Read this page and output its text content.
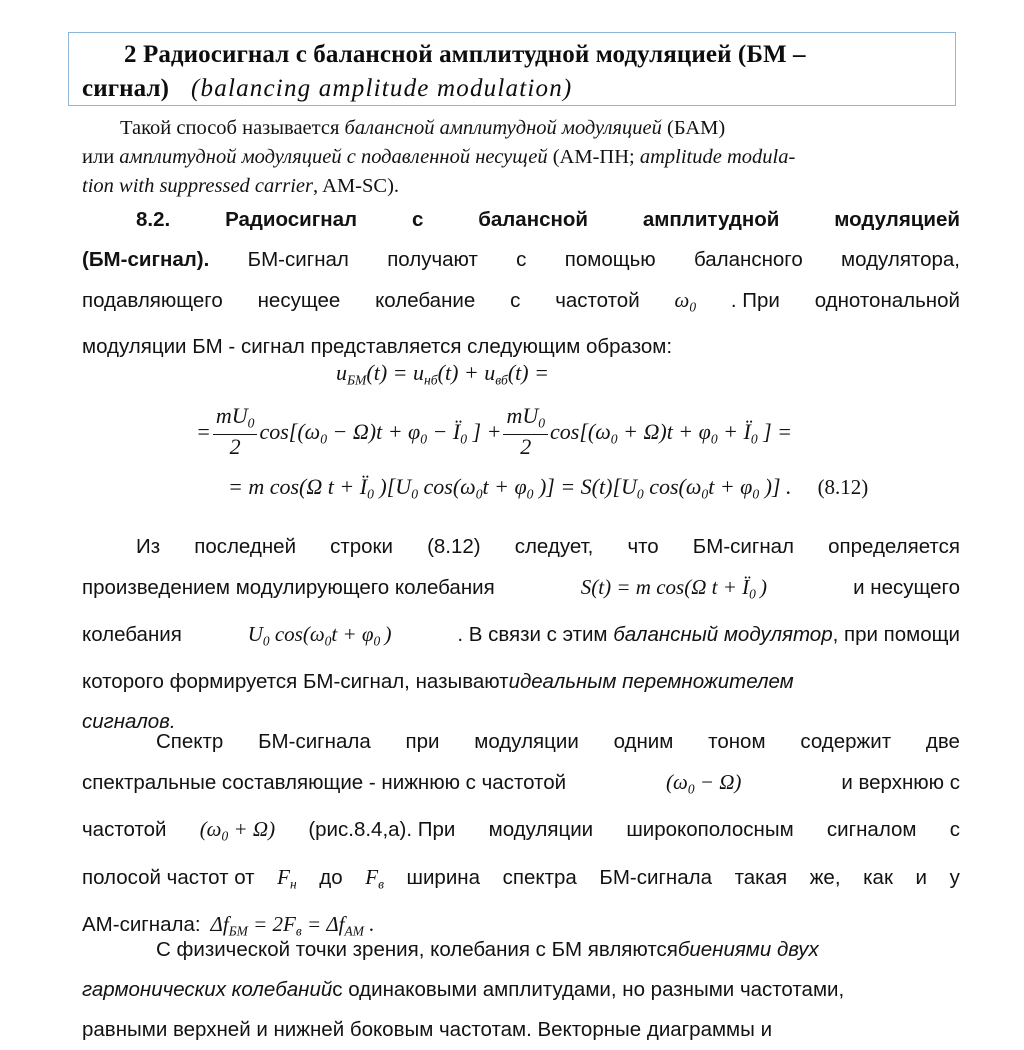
2 Радиосигнал с балансной амплитудной модуляцией (БМ –
сигнал) (balancing amplitude modulation)
Такой способ называется балансной амплитудной модуляцией (БАМ)
или амплитудной модуляцией с подавленной несущей (АМ-ПН; amplitude modula-
tion with suppressed carrier, AM-SC).
8.2.	Радиосигнал	с	балансной	амплитудной	модуляцией
(БМ-сигнал). БМ-сигнал получают с помощью балансного модулятора,
подавляющего несущее колебание с частотой $\omega_0$ . При однотональной
модуляции БМ - сигнал представляется следующим образом:
$u_{БМ}(t) = u_{нб}(t) + u_{вб}(t)$ =
= $\frac{mU_0}{2} \cos[(\omega_0 - \Omega)t + \varphi_0 - Ї_0$ ] + $\frac{mU_0}{2} \cos[(\omega_0 + \Omega)t + \varphi_0 + Ї_0$ ] =
= m cos(Ω $t + Ї_0$ )[$U_0$ $\cos(\omega_0t + \varphi_0$ )] = $S(t)[U_0$ $\cos(\omega_0t + \varphi_0$ )] . (8.12)
Из последней строки (8.12) следует, что БМ-сигнал определяется
произведением модулирующего колебания	S(t) = m cos(Ω $t + Ї_0$ )	и несущего
колебания	$U_0$ $\cos(\omega_0t + \varphi_0$ )	. В связи с этим балансный модулятор, при помощи
которого формируется БМ-сигнал, называют идеальным перемножителем
сигналов.
Спектр БМ-сигнала при модуляции одним тоном содержит две
спектральные составляющие - нижнюю с частотой	$(\omega_0 - \Omega)$	и верхнюю с
частотой $(\omega_0 + \Omega)$ (рис.8.4,а). При модуляции широкополосным сигналом с
полосой частот от $F_н$ до $F_в$ ширина спектра БМ-сигнала такая же, как и у
АМ-сигнала: $\Delta f_{БМ} = 2F_в = \Delta f_{АМ}$ .
С физической точки зрения, колебания с БМ являются биениями двух
гармонических колебаний с одинаковыми амплитудами, но разными частотами,
равными верхней и нижней боковым частотам. Векторные диаграммы и
